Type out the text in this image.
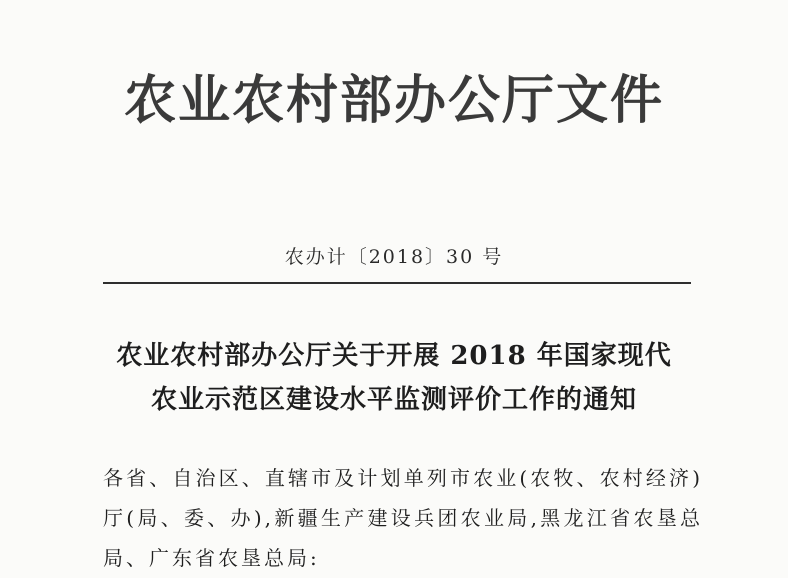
农业农村部办公厅文件
农办计〔2018〕30 号
农业农村部办公厅关于开展 2018 年国家现代
农业示范区建设水平监测评价工作的通知
各省、自治区、直辖市及计划单列市农业(农牧、农村经济)厅(局、委、办),新疆生产建设兵团农业局,黑龙江省农垦总局、广东省农垦总局:
